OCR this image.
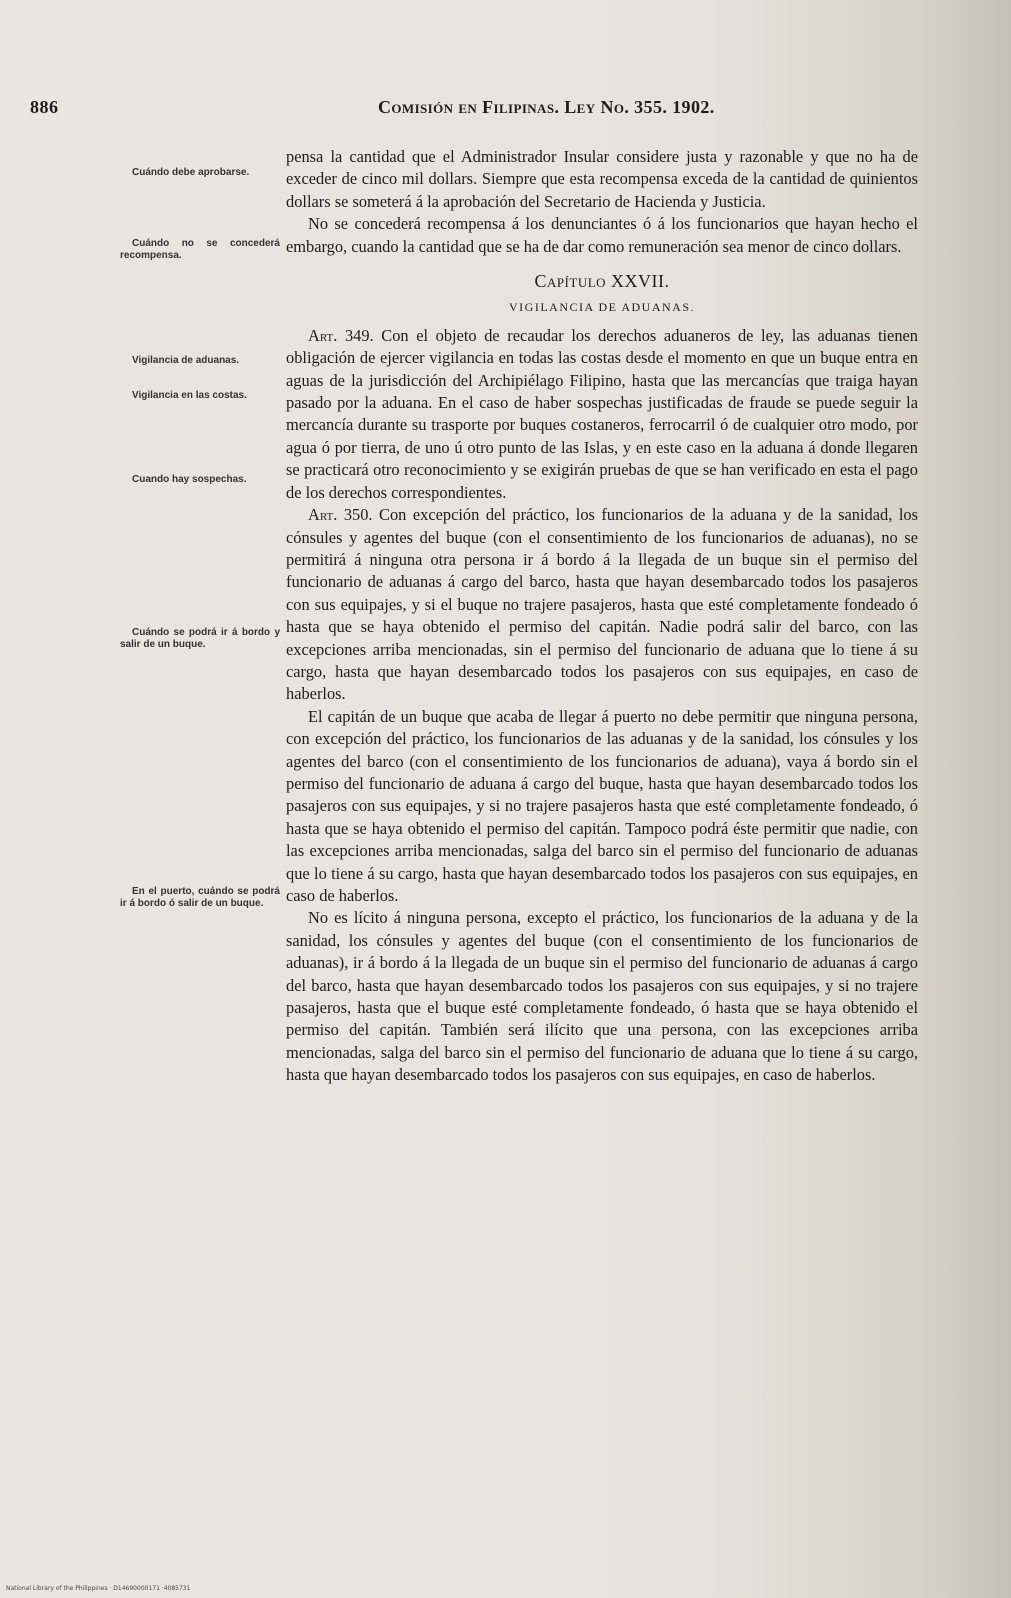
886	Comisión en Filipinas. Ley No. 355. 1902.
Cuándo debe aprobarse.
Cuándo no se concederá recompensa.
Vigilancia de aduanas.
Vigilancia en las costas.
Cuando hay sospechas.
Cuándo se podrá ir á bordo y salir de un buque.
En el puerto, cuándo se podrá ir á bordo ó salir de un buque.

pensa la cantidad que el Administrador Insular considere justa y razonable y que no ha de exceder de cinco mil dollars. Siempre que esta recompensa exceda de la cantidad de quinientos dollars se someterá á la aprobación del Secretario de Hacienda y Justicia.

No se concederá recompensa á los denunciantes ó á los funcionarios que hayan hecho el embargo, cuando la cantidad que se ha de dar como remuneración sea menor de cinco dollars.

Capítulo XXVII.

VIGILANCIA DE ADUANAS.

Art. 349. Con el objeto de recaudar los derechos aduaneros de ley, las aduanas tienen obligación de ejercer vigilancia en todas las costas desde el momento en que un buque entra en aguas de la jurisdicción del Archipiélago Filipino, hasta que las mercancías que traiga hayan pasado por la aduana. En el caso de haber sospechas justificadas de fraude se puede seguir la mercancía durante su trasporte por buques costaneros, ferrocarril ó de cualquier otro modo, por agua ó por tierra, de uno ú otro punto de las Islas, y en este caso en la aduana á donde llegaren se practicará otro reconocimiento y se exigirán pruebas de que se han verificado en esta el pago de los derechos correspondientes.

Art. 350. Con excepción del práctico, los funcionarios de la aduana y de la sanidad, los cónsules y agentes del buque (con el consentimiento de los funcionarios de aduanas), no se permitirá á ninguna otra persona ir á bordo á la llegada de un buque sin el permiso del funcionario de aduanas á cargo del barco, hasta que hayan desembarcado todos los pasajeros con sus equipajes, y si el buque no trajere pasajeros, hasta que esté completamente fondeado ó hasta que se haya obtenido el permiso del capitán. Nadie podrá salir del barco, con las excepciones arriba mencionadas, sin el permiso del funcionario de aduana que lo tiene á su cargo, hasta que hayan desembarcado todos los pasajeros con sus equipajes, en caso de haberlos.

El capitán de un buque que acaba de llegar á puerto no debe permitir que ninguna persona, con excepción del práctico, los funcionarios de las aduanas y de la sanidad, los cónsules y los agentes del barco (con el consentimiento de los funcionarios de aduana), vaya á bordo sin el permiso del funcionario de aduana á cargo del buque, hasta que hayan desembarcado todos los pasajeros con sus equipajes, y si no trajere pasajeros hasta que esté completamente fondeado, ó hasta que se haya obtenido el permiso del capitán. Tampoco podrá éste permitir que nadie, con las excepciones arriba mencionadas, salga del barco sin el permiso del funcionario de aduanas que lo tiene á su cargo, hasta que hayan desembarcado todos los pasajeros con sus equipajes, en caso de haberlos.

No es lícito á ninguna persona, excepto el práctico, los funcionarios de la aduana y de la sanidad, los cónsules y agentes del buque (con el consentimiento de los funcionarios de aduanas), ir á bordo á la llegada de un buque sin el permiso del funcionario de aduanas á cargo del barco, hasta que hayan desembarcado todos los pasajeros con sus equipajes, y si no trajere pasajeros, hasta que el buque esté completamente fondeado, ó hasta que se haya obtenido el permiso del capitán. También será ilícito que una persona, con las excepciones arriba mencionadas, salga del barco sin el permiso del funcionario de aduana que lo tiene á su cargo, hasta que hayan desembarcado todos los pasajeros con sus equipajes, en caso de haberlos.

National Library of the Philippines · D14690000171 ·4085731
